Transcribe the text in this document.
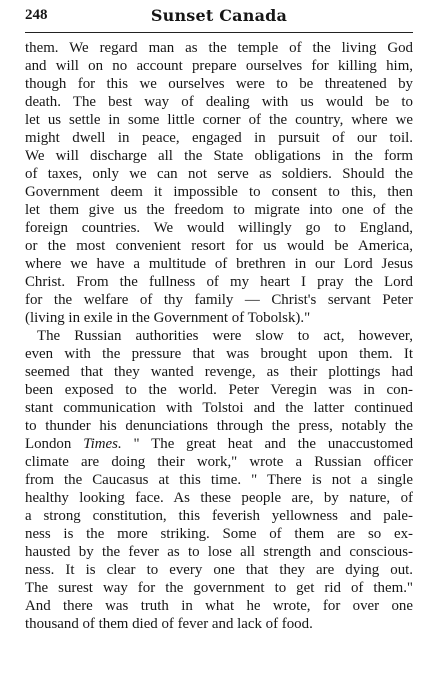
248	Sunset Canada
them. We regard man as the temple of the living God
and will on no account prepare ourselves for killing him,
though for this we ourselves were to be threatened by
death. The best way of dealing with us would be to
let us settle in some little corner of the country, where we
might dwell in peace, engaged in pursuit of our toil.
We will discharge all the State obligations in the form
of taxes, only we can not serve as soldiers. Should the
Government deem it impossible to consent to this, then
let them give us the freedom to migrate into one of the
foreign countries. We would willingly go to England,
or the most convenient resort for us would be America,
where we have a multitude of brethren in our Lord Jesus
Christ. From the fullness of my heart I pray the Lord
for the welfare of thy family — Christ's servant Peter
(living in exile in the Government of Tobolsk)."
The Russian authorities were slow to act, however,
even with the pressure that was brought upon them. It
seemed that they wanted revenge, as their plottings had
been exposed to the world. Peter Veregin was in con-
stant communication with Tolstoi and the latter continued
to thunder his denunciations through the press, notably the
London Times. " The great heat and the unaccustomed
climate are doing their work," wrote a Russian officer
from the Caucasus at this time. " There is not a single
healthy looking face. As these people are, by nature, of
a strong constitution, this feverish yellowness and pale-
ness is the more striking. Some of them are so ex-
hausted by the fever as to lose all strength and conscious-
ness. It is clear to every one that they are dying out.
The surest way for the government to get rid of them."
And there was truth in what he wrote, for over one
thousand of them died of fever and lack of food.
